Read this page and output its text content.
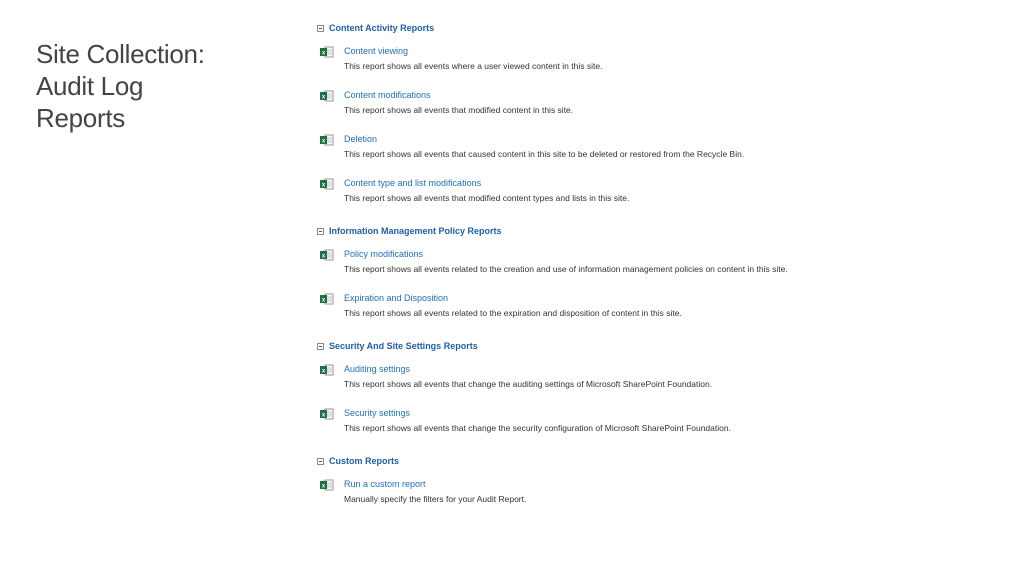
Site Collection:
Audit Log
Reports
Content Activity Reports
x Content viewing
This report shows all events where a user viewed content in this site.
x Content modifications
This report shows all events that modified content in this site.
x Deletion
This report shows all events that caused content in this site to be deleted or restored from the Recycle Bin.
x Content type and list modifications
This report shows all events that modified content types and lists in this site.
Information Management Policy Reports
x Policy modifications
This report shows all events related to the creation and use of information management policies on content in this site.
x Expiration and Disposition
This report shows all events related to the expiration and disposition of content in this site.
Security And Site Settings Reports
x Auditing settings
This report shows all events that change the auditing settings of Microsoft SharePoint Foundation.
x Security settings
This report shows all events that change the security configuration of Microsoft SharePoint Foundation.
Custom Reports
x Run a custom report
Manually specify the filters for your Audit Report.
